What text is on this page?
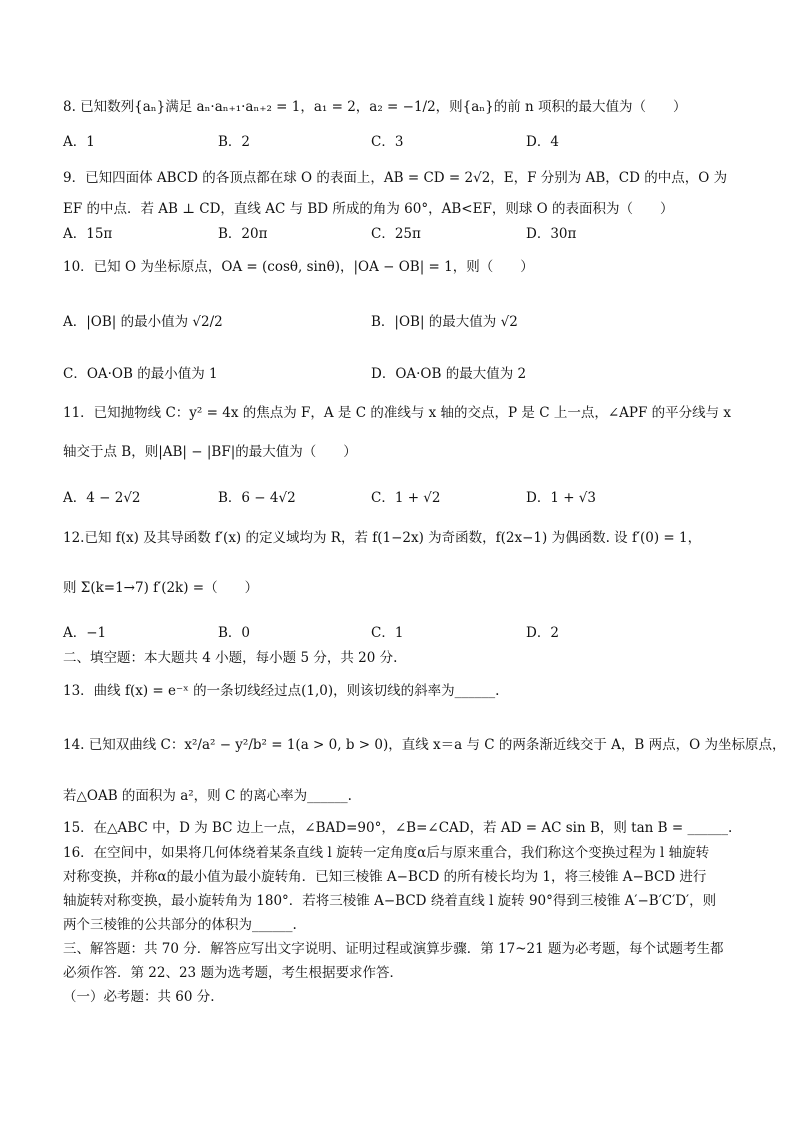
8. 已知数列{aₙ}满足 aₙ·aₙ₊₁·aₙ₊₂ = 1，a₁ = 2，a₂ = −1/2，则{aₙ}的前 n 项积的最大值为（　　）
A．1	B．2	C．3	D．4
9．已知四面体 ABCD 的各顶点都在球 O 的表面上，AB = CD = 2√2，E，F 分别为 AB，CD 的中点，O 为
EF 的中点．若 AB ⊥ CD，直线 AC 与 BD 所成的角为 60°，AB<EF，则球 O 的表面积为（　　）
A．15π	B．20π	C．25π	D．30π
10．已知 O 为坐标原点，OA = (cosθ, sinθ)，|OA − OB| = 1，则（　　）
A．|OB| 的最小值为 √2/2	B．|OB| 的最大值为 √2
C．OA·OB 的最小值为 1	D．OA·OB 的最大值为 2
11．已知抛物线 C：y² = 4x 的焦点为 F，A 是 C 的准线与 x 轴的交点，P 是 C 上一点，∠APF 的平分线与 x
轴交于点 B，则|AB| − |BF|的最大值为（　　）
A．4 − 2√2	B．6 − 4√2	C．1 + √2	D．1 + √3
12.已知 f(x) 及其导函数 f′(x) 的定义域均为 R，若 f(1−2x) 为奇函数，f(2x−1) 为偶函数. 设 f′(0) = 1，
则 Σ(k=1→7) f′(2k) =（　　）
A．−1	B．0	C．1	D．2
二、填空题：本大题共 4 小题，每小题 5 分，共 20 分.
13．曲线 f(x) = e⁻ˣ 的一条切线经过点(1,0)，则该切线的斜率为______.
14. 已知双曲线 C：x²/a² − y²/b² = 1(a > 0, b > 0)，直线 x＝a 与 C 的两条渐近线交于 A，B 两点，O 为坐标原点，
若△OAB 的面积为 a²，则 C 的离心率为______.
15．在△ABC 中，D 为 BC 边上一点，∠BAD=90°，∠B=∠CAD，若 AD = AC sin B，则 tan B = ______.
16．在空间中，如果将几何体绕着某条直线 l 旋转一定角度α后与原来重合，我们称这个变换过程为 l 轴旋转
对称变换，并称α的最小值为最小旋转角．已知三棱锥 A−BCD 的所有棱长均为 1，将三棱锥 A−BCD 进行
轴旋转对称变换，最小旋转角为 180°．若将三棱锥 A−BCD 绕着直线 l 旋转 90°得到三棱锥 A′−B′C′D′，则
两个三棱锥的公共部分的体积为______.
三、解答题：共 70 分．解答应写出文字说明、证明过程或演算步骤．第 17~21 题为必考题，每个试题考生都
必须作答．第 22、23 题为选考题，考生根据要求作答．
（一）必考题：共 60 分.
